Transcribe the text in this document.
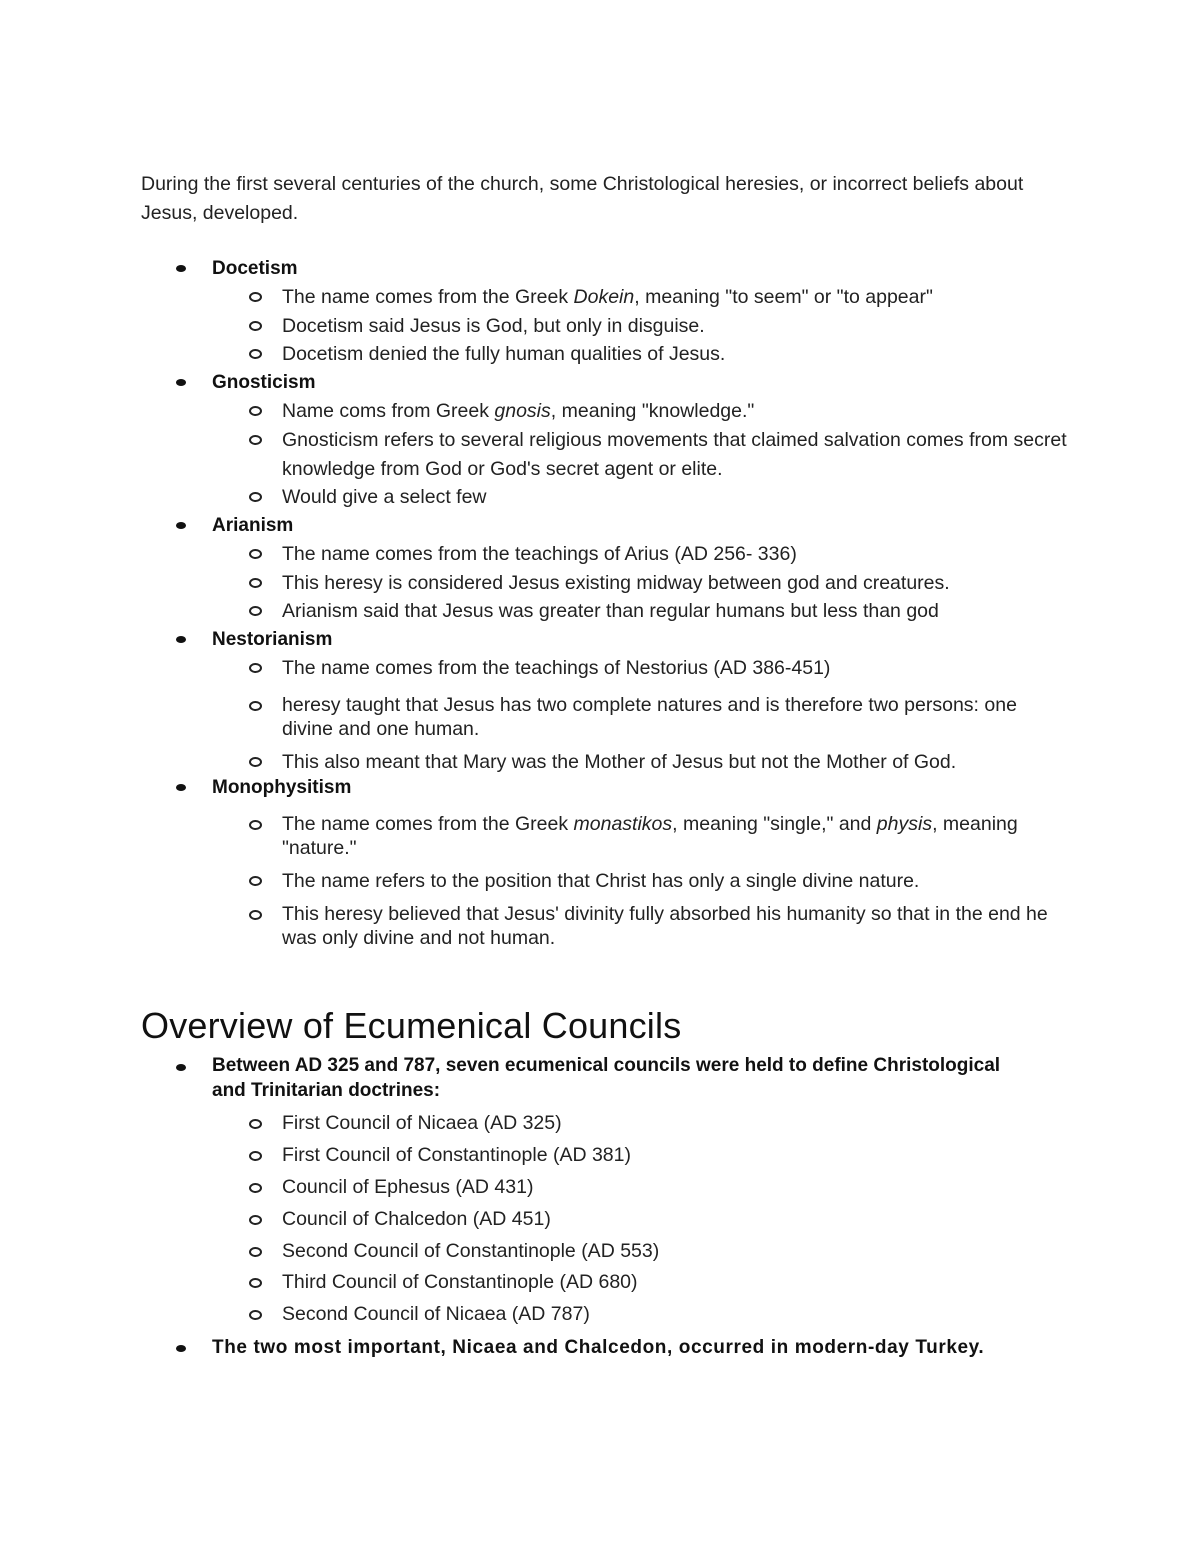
During the first several centuries of the church, some Christological heresies, or incorrect beliefs about Jesus, developed.

Docetism
The name comes from the Greek Dokein, meaning "to seem" or "to appear"
Docetism said Jesus is God, but only in disguise.
Docetism denied the fully human qualities of Jesus.
Gnosticism
Name coms from Greek gnosis, meaning "knowledge."
Gnosticism refers to several religious movements that claimed salvation comes from secret knowledge from God or God's secret agent or elite.
Would give a select few
Arianism
The name comes from the teachings of Arius (AD 256- 336)
This heresy is considered Jesus existing midway between god and creatures.
Arianism said that Jesus was greater than regular humans but less than god
Nestorianism
The name comes from the teachings of Nestorius (AD 386-451)
heresy taught that Jesus has two complete natures and is therefore two persons: one divine and one human.
This also meant that Mary was the Mother of Jesus but not the Mother of God.
Monophysitism
The name comes from the Greek monastikos, meaning "single," and physis, meaning "nature."
The name refers to the position that Christ has only a single divine nature.
This heresy believed that Jesus' divinity fully absorbed his humanity so that in the end he was only divine and not human.
Overview of Ecumenical Councils
Between AD 325 and 787, seven ecumenical councils were held to define Christological and Trinitarian doctrines:
First Council of Nicaea (AD 325)
First Council of Constantinople (AD 381)
Council of Ephesus (AD 431)
Council of Chalcedon (AD 451)
Second Council of Constantinople (AD 553)
Third Council of Constantinople (AD 680)
Second Council of Nicaea (AD 787)
The two most important, Nicaea and Chalcedon, occurred in modern-day Turkey.
